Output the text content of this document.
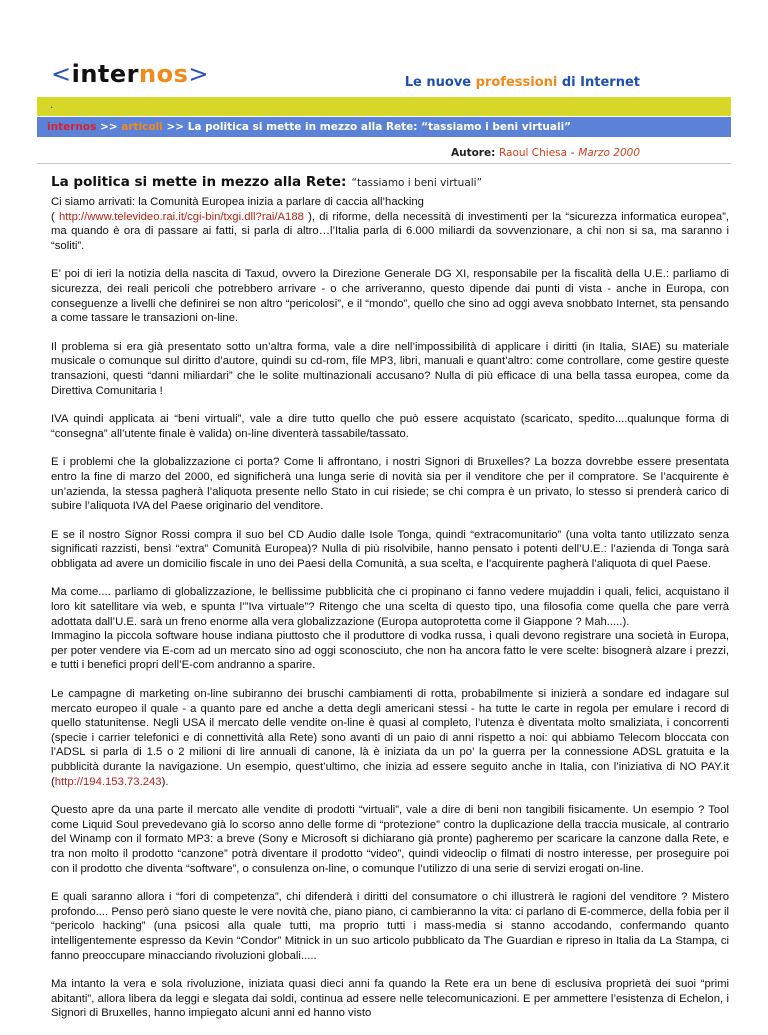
<internos>	Le nuove professioni di Internet
.
internos >> articoli >> La politica si mette in mezzo alla Rete: “tassiamo i beni virtuali”
Autore: Raoul Chiesa - Marzo 2000
La politica si mette in mezzo alla Rete: “tassiamo i beni virtuali”

Ci siamo arrivati: la Comunità Europea inizia a parlare di caccia all’hacking
( http://www.televideo.rai.it/cgi-bin/txgi.dll?rai/A188 ), di riforme, della necessità di investimenti per la “sicurezza informatica europea”, ma quando è ora di passare ai fatti, si parla di altro…l’Italia parla di 6.000 miliardi da sovvenzionare, a chi non si sa, ma saranno i “soliti”.

E’ poi di ieri la notizia della nascita di Taxud, ovvero la Direzione Generale DG XI, responsabile per la fiscalità della U.E.: parliamo di sicurezza, dei reali pericoli che potrebbero arrivare - o che arriveranno, questo dipende dai punti di vista - anche in Europa, con conseguenze a livelli che definirei se non altro “pericolosi”, e il “mondo”, quello che sino ad oggi aveva snobbato Internet, sta pensando a come tassare le transazioni on-line.

Il problema si era già presentato sotto un’altra forma, vale a dire nell’impossibilità di applicare i diritti (in Italia, SIAE) su materiale musicale o comunque sul diritto d’autore, quindi su cd-rom, file MP3, libri, manuali e quant’altro: come controllare, come gestire queste transazioni, questi “danni miliardari” che le solite multinazionali accusano? Nulla di più efficace di una bella tassa europea, come da Direttiva Comunitaria !

IVA quindi applicata ai “beni virtuali”, vale a dire tutto quello che può essere acquistato (scaricato, spedito....qualunque forma di “consegna” all’utente finale è valida) on-line diventerà tassabile/tassato.

E i problemi che la globalizzazione ci porta? Come li affrontano, i nostri Signori di Bruxelles? La bozza dovrebbe essere presentata entro la fine di marzo del 2000, ed significherà una lunga serie di novità sia per il venditore che per il compratore. Se l’acquirente è un’azienda, la stessa pagherà l’aliquota presente nello Stato in cui risiede; se chi compra è un privato, lo stesso si prenderà carico di subire l’aliquota IVA del Paese originario del venditore.

E se il nostro Signor Rossi compra il suo bel CD Audio dalle Isole Tonga, quindi “extracomunitario” (una volta tanto utilizzato senza significati razzisti, bensì “extra” Comunità Europea)? Nulla di più risolvibile, hanno pensato i potenti dell’U.E.: l’azienda di Tonga sarà obbligata ad avere un domicilio fiscale in uno dei Paesi della Comunità, a sua scelta, e l’acquirente pagherà l’aliquota di quel Paese.

Ma come.... parliamo di globalizzazione, le bellissime pubblicità che ci propinano ci fanno vedere mujaddin i quali, felici, acquistano il loro kit satellitare via web, e spunta l’”Iva virtuale”? Ritengo che una scelta di questo tipo, una filosofia come quella che pare verrà adottata dall’U.E. sarà un freno enorme alla vera globalizzazione (Europa autoprotetta come il Giappone ? Mah.....).
Immagino la piccola software house indiana piuttosto che il produttore di vodka russa, i quali devono registrare una società in Europa, per poter vendere via E-com ad un mercato sino ad oggi sconosciuto, che non ha ancora fatto le vere scelte: bisognerà alzare i prezzi, e tutti i benefici propri dell’E-com andranno a sparire.

Le campagne di marketing on-line subiranno dei bruschi cambiamenti di rotta, probabilmente si inizierà a sondare ed indagare sul mercato europeo il quale - a quanto pare ed anche a detta degli americani stessi - ha tutte le carte in regola per emulare i record di quello statunitense. Negli USA il mercato delle vendite on-line è quasi al completo, l’utenza è diventata molto smaliziata, i concorrenti (specie i carrier telefonici e di connettività alla Rete) sono avanti di un paio di anni rispetto a noi: qui abbiamo Telecom bloccata con l’ADSL si parla di 1.5 o 2 milioni di lire annuali di canone, là è iniziata da un po’ la guerra per la connessione ADSL gratuita e la pubblicità durante la navigazione. Un esempio, quest’ultimo, che inizia ad essere seguito anche in Italia, con l’iniziativa di NO PAY.it (http://194.153.73.243).

Questo apre da una parte il mercato alle vendite di prodotti “virtuali”, vale a dire di beni non tangibili fisicamente. Un esempio ? Tool come Liquid Soul prevedevano già lo scorso anno delle forme di “protezione” contro la duplicazione della traccia musicale, al contrario del Winamp con il formato MP3: a breve (Sony e Microsoft si dichiarano già pronte) pagheremo per scaricare la canzone dalla Rete, e tra non molto il prodotto “canzone” potrà diventare il prodotto “video”, quindi videoclip o filmati di nostro interesse, per proseguire poi con il prodotto che diventa “software”, o consulenza on-line, o comunque l’utilizzo di una serie di servizi erogati on-line.

E quali saranno allora i “fori di competenza”, chi difenderà i diritti del consumatore o chi illustrerà le ragioni del venditore ? Mistero profondo.... Penso però siano queste le vere novità che, piano piano, ci cambieranno la vita: ci parlano di E-commerce, della fobia per il “pericolo hacking” (una psicosi alla quale tutti, ma proprio tutti i mass-media si stanno accodando, confermando quanto intelligentemente espresso da Kevin “Condor” Mitnick in un suo articolo pubblicato da The Guardian e ripreso in Italia da La Stampa, ci fanno preoccupare minacciando rivoluzioni globali.....

Ma intanto la vera e sola rivoluzione, iniziata quasi dieci anni fa quando la Rete era un bene di esclusiva proprietà dei suoi “primi abitanti”, allora libera da leggi e slegata dai soldi, continua ad essere nelle telecomunicazioni. E per ammettere l’esistenza di Echelon, i Signori di Bruxelles, hanno impiegato alcuni anni ed hanno visto
